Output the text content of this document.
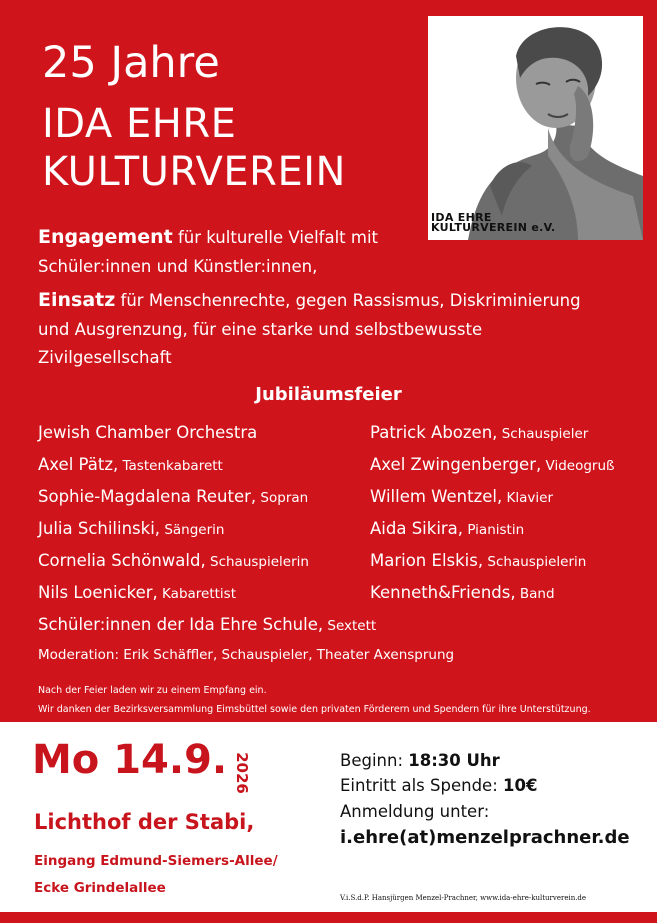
25 Jahre
IDA EHRE
KULTURVEREIN
IDA EHRE
KULTURVEREIN e.V.
Engagement für kulturelle Vielfalt mit
Schüler:innen und Künstler:innen,
Einsatz für Menschenrechte, gegen Rassismus, Diskriminierung
und Ausgrenzung, für eine starke und selbstbewusste
Zivilgesellschaft
Jubiläumsfeier
Jewish Chamber Orchestra
Axel Pätz, Tastenkabarett
Sophie-Magdalena Reuter, Sopran
Julia Schilinski, Sängerin
Cornelia Schönwald, Schauspielerin
Nils Loenicker, Kabarettist
Schüler:innen der Ida Ehre Schule, Sextett
Patrick Abozen, Schauspieler
Axel Zwingenberger, Videogruß
Willem Wentzel, Klavier
Aida Sikira, Pianistin
Marion Elskis, Schauspielerin
Kenneth&Friends, Band
Moderation: Erik Schäffler, Schauspieler, Theater Axensprung
Nach der Feier laden wir zu einem Empfang ein.
Wir danken der Bezirksversammlung Eimsbüttel sowie den privaten Förderern und Spendern für ihre Unterstützung.
Mo 14.9. 2026
Lichthof der Stabi,
Eingang Edmund-Siemers-Allee/
Ecke Grindelallee
Beginn: 18:30 Uhr
Eintritt als Spende: 10€
Anmeldung unter:
i.ehre(at)menzelprachner.de
V.i.S.d.P. Hansjürgen Menzel-Prachner, www.ida-ehre-kulturverein.de
